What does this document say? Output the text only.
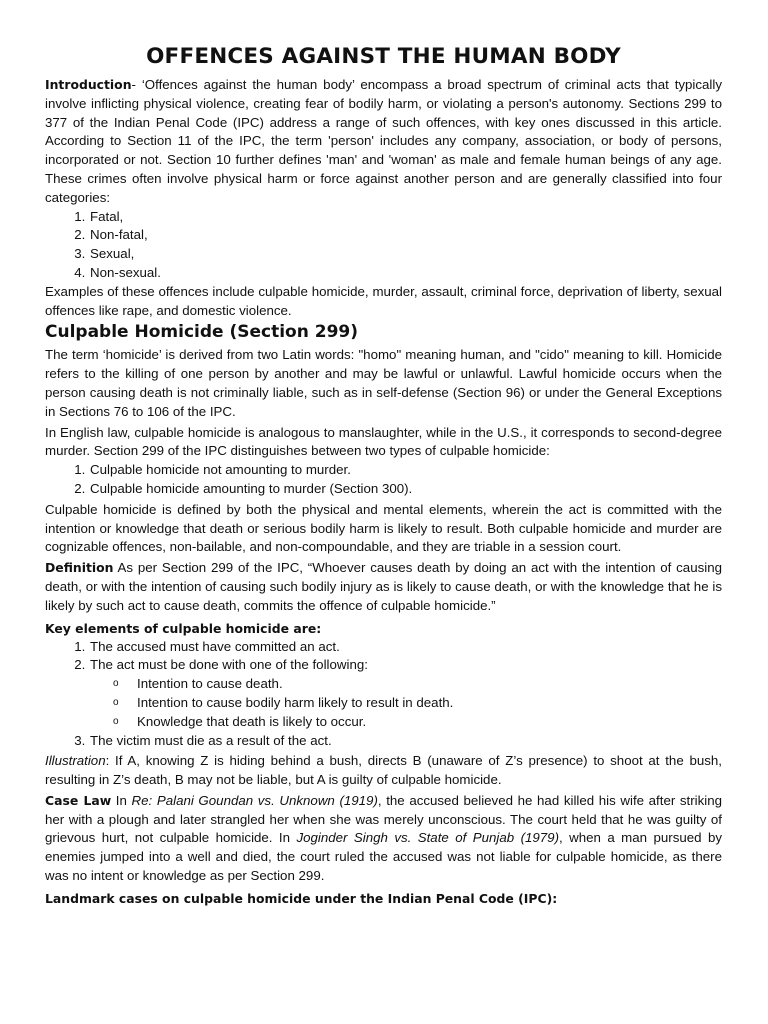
OFFENCES AGAINST THE HUMAN BODY

Introduction- ‘Offences against the human body’ encompass a broad spectrum of criminal acts that typically involve inflicting physical violence, creating fear of bodily harm, or violating a person's autonomy. Sections 299 to 377 of the Indian Penal Code (IPC) address a range of such offences, with key ones discussed in this article. According to Section 11 of the IPC, the term 'person' includes any company, association, or body of persons, incorporated or not. Section 10 further defines 'man' and 'woman' as male and female human beings of any age. These crimes often involve physical harm or force against another person and are generally classified into four categories:

1. Fatal,
2. Non-fatal,
3. Sexual,
4. Non-sexual.

Examples of these offences include culpable homicide, murder, assault, criminal force, deprivation of liberty, sexual offences like rape, and domestic violence.

Culpable Homicide (Section 299)

The term ‘homicide’ is derived from two Latin words: "homo" meaning human, and "cido" meaning to kill. Homicide refers to the killing of one person by another and may be lawful or unlawful. Lawful homicide occurs when the person causing death is not criminally liable, such as in self-defense (Section 96) or under the General Exceptions in Sections 76 to 106 of the IPC.

In English law, culpable homicide is analogous to manslaughter, while in the U.S., it corresponds to second-degree murder. Section 299 of the IPC distinguishes between two types of culpable homicide:

1. Culpable homicide not amounting to murder.
2. Culpable homicide amounting to murder (Section 300).

Culpable homicide is defined by both the physical and mental elements, wherein the act is committed with the intention or knowledge that death or serious bodily harm is likely to result. Both culpable homicide and murder are cognizable offences, non-bailable, and non-compoundable, and they are triable in a session court.

Definition As per Section 299 of the IPC, “Whoever causes death by doing an act with the intention of causing death, or with the intention of causing such bodily injury as is likely to cause death, or with the knowledge that he is likely by such act to cause death, commits the offence of culpable homicide.”

Key elements of culpable homicide are:
1. The accused must have committed an act.
2. The act must be done with one of the following:
o Intention to cause death.
o Intention to cause bodily harm likely to result in death.
o Knowledge that death is likely to occur.
3. The victim must die as a result of the act.

Illustration: If A, knowing Z is hiding behind a bush, directs B (unaware of Z’s presence) to shoot at the bush, resulting in Z’s death, B may not be liable, but A is guilty of culpable homicide.

Case Law In Re: Palani Goundan vs. Unknown (1919), the accused believed he had killed his wife after striking her with a plough and later strangled her when she was merely unconscious. The court held that he was guilty of grievous hurt, not culpable homicide. In Joginder Singh vs. State of Punjab (1979), when a man pursued by enemies jumped into a well and died, the court ruled the accused was not liable for culpable homicide, as there was no intent or knowledge as per Section 299.

Landmark cases on culpable homicide under the Indian Penal Code (IPC):
